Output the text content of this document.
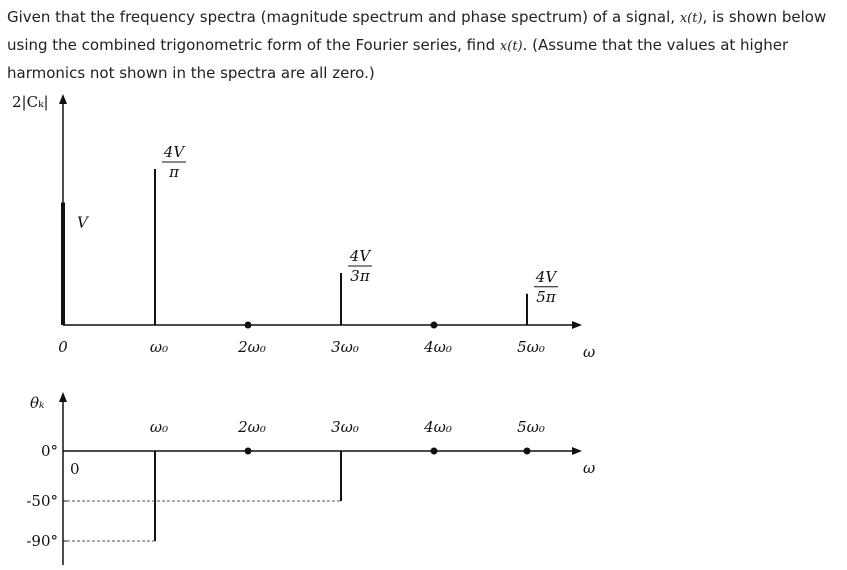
Given that the frequency spectra (magnitude spectrum and phase spectrum) of a signal, x(t), is shown below using the combined trigonometric form of the Fourier series, find x(t). (Assume that the values at higher harmonics not shown in the spectra are all zero.)

2|Cₖ|
ω
0
V
ω₀
4V
π
2ω₀	3ω₀
4V
3π
4ω₀	5ω₀
4V
5π
θₖ
ω
0
0°
-50°
-90°
ω₀	2ω₀	3ω₀	4ω₀	5ω₀
